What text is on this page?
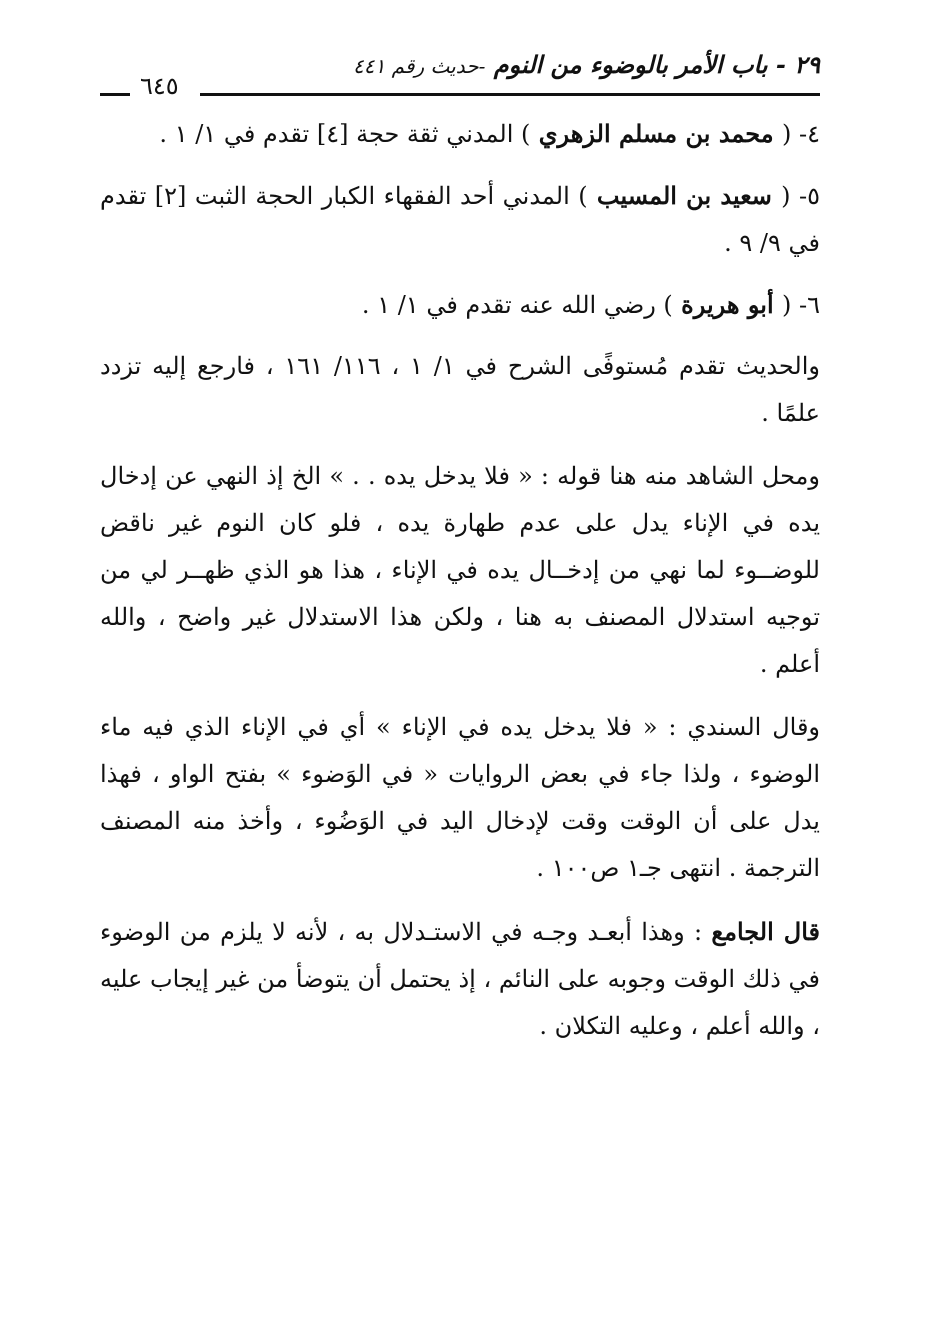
٢٩ - باب الأمر بالوضوء من النوم -حديث رقم ٤٤١
٦٤٥

٤- ( محمد بن مسلم الزهري ) المدني ثقة حجة [٤] تقدم في ١/ ١ .

٥- ( سعيد بن المسيب ) المدني أحد الفقهاء الكبار الحجة الثبت [٢] تقدم في ٩/ ٩ .

٦- ( أبو هريرة ) رضي الله عنه تقدم في ١/ ١ .

والحديث تقدم مُستوفًى الشرح في ١/ ١ ، ١١٦/ ١٦١ ، فارجع إليه تزدد علمًا .

ومحل الشاهد منه هنا قوله : « فلا يدخل يده . . » الخ إذ النهي عن إدخال يده في الإناء يدل على عدم طهارة يده ، فلو كان النوم غير ناقض للوضــوء لما نهي من إدخــال يده في الإناء ، هذا هو الذي ظهــر لي من توجيه استدلال المصنف به هنا ، ولكن هذا الاستدلال غير واضح ، والله أعلم .

وقال السندي : « فلا يدخل يده في الإناء » أي في الإناء الذي فيه ماء الوضوء ، ولذا جاء في بعض الروايات « في الوَضوء » بفتح الواو ، فهذا يدل على أن الوقت وقت لإدخال اليد في الوَضُوء ، وأخذ منه المصنف الترجمة . انتهى جـ١ ص١٠٠ .

قال الجامع : وهذا أبعـد وجـه في الاستـدلال به ، لأنه لا يلزم من الوضوء في ذلك الوقت وجوبه على النائم ، إذ يحتمل أن يتوضأ من غير إيجاب عليه ، والله أعلم ، وعليه التكلان .
